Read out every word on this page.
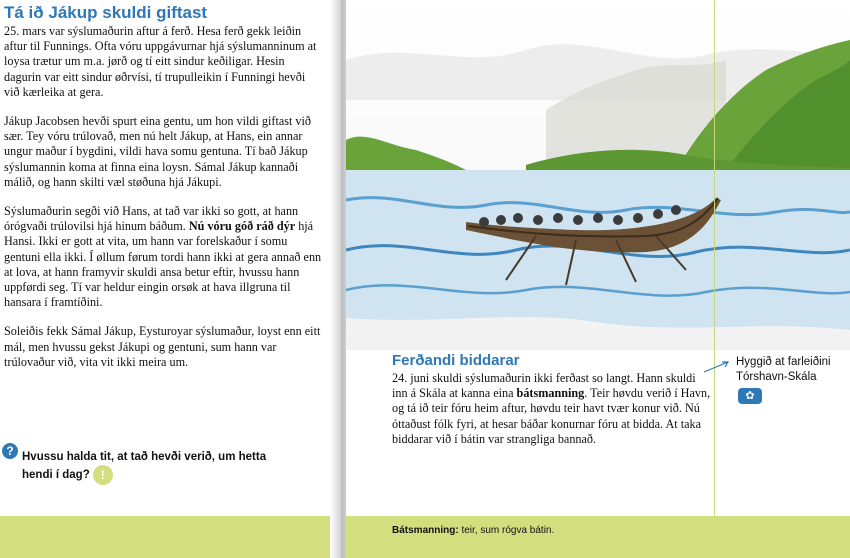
Tá ið Jákup skuldi giftast

25. mars var sýslumaðurin aftur á ferð. Hesa ferð gekk leiðin aftur til Funnings. Ofta vóru uppgávurnar hjá sýslumanninum at loysa trætur um m.a. jørð og tí eitt sindur keðiligar. Hesin dagurin var eitt sindur øðrvísi, tí trupulleikin í Funningi hevði við kærleika at gera.

Jákup Jacobsen hevði spurt eina gentu, um hon vildi giftast við sær. Tey vóru trúlovað, men nú helt Jákup, at Hans, ein annar ungur maður í bygdini, vildi hava somu gentuna. Tí bað Jákup sýslumannin koma at finna eina loysn. Sámal Jákup kannaði málið, og hann skilti væl støðuna hjá Jákupi.

Sýslumaðurin segði við Hans, at tað var ikki so gott, at hann órógvaði trúlovilsi hjá hinum báðum. Nú vóru góð ráð dýr hjá Hansi. Ikki er gott at vita, um hann var forelskaður í somu gentuni ella ikki. Í øllum førum tordi hann ikki at gera annað enn at lova, at hann framyvir skuldi ansa betur eftir, hvussu hann uppførdi seg. Tí var heldur eingin orsøk at hava illgruna til hansara í framtíðini.

Soleiðis fekk Sámal Jákup, Eysturoyar sýslumaður, loyst enn eitt mál, men hvussu gekst Jákupi og gentuni, sum hann var trúlovaður við, vita vit ikki meira um.

? Hvussu halda tit, at tað hevði verið, um hetta hendi í dag? !
Ferðandi biddarar
24. juni skuldi sýslumaðurin ikki ferðast so langt. Hann skuldi inn á Skála at kanna eina bátsmanning. Teir høvdu verið í Havn, og tá ið teir fóru heim aftur, høvdu teir havt tvær konur við. Nú óttaðust fólk fyri, at hesar báðar konurnar fóru at bidda. At taka biddarar við í bátin var strangliga bannað.
Hyggið at farleiðini Tórshavn-Skála
✿
Bátsmanning: teir, sum rógva bátin.
